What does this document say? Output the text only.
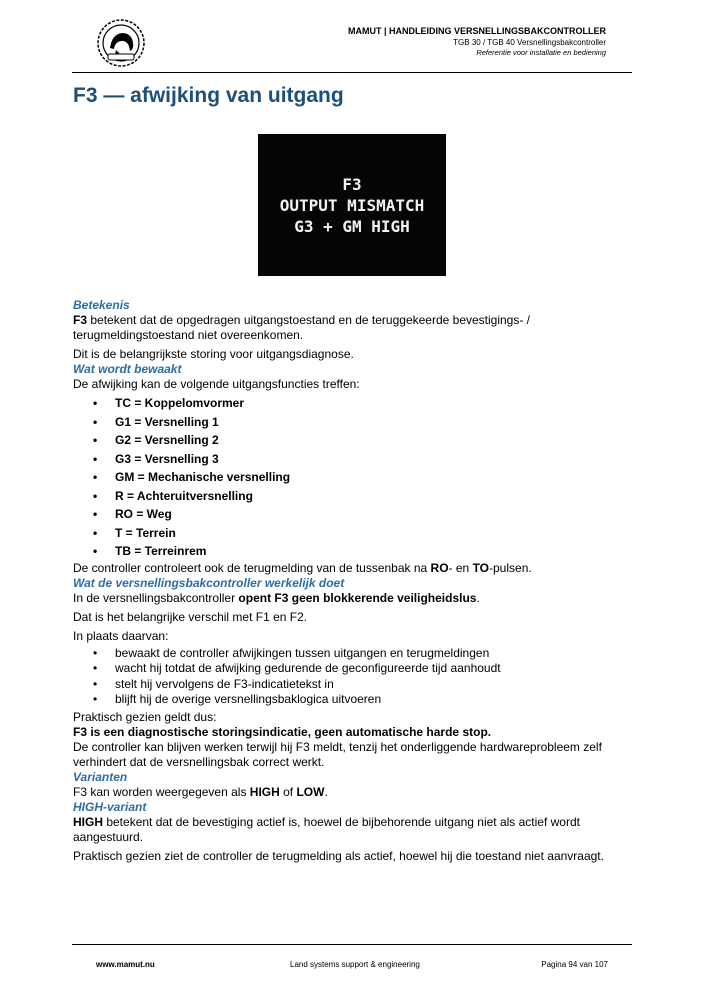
MAMUT | HANDLEIDING VERSNELLINGSBAKCONTROLLER
TGB 30 / TGB 40 Versnellingsbakcontroller
Referentie voor installatie en bediening
F3 — afwijking van uitgang
F3
OUTPUT MISMATCH
G3 + GM HIGH
Betekenis

F3 betekent dat de opgedragen uitgangstoestand en de teruggekeerde bevestigings- / terugmeldingstoestand niet overeenkomen.

Dit is de belangrijkste storing voor uitgangsdiagnose.

Wat wordt bewaakt

De afwijking kan de volgende uitgangsfuncties treffen:

• TC = Koppelomvormer
• G1 = Versnelling 1
• G2 = Versnelling 2
• G3 = Versnelling 3
• GM = Mechanische versnelling
• R = Achteruitversnelling
• RO = Weg
• T = Terrein
• TB = Terreinrem

De controller controleert ook de terugmelding van de tussenbak na RO- en TO-pulsen.

Wat de versnellingsbakcontroller werkelijk doet

In de versnellingsbakcontroller opent F3 geen blokkerende veiligheidslus.

Dat is het belangrijke verschil met F1 en F2.

In plaats daarvan:

• bewaakt de controller afwijkingen tussen uitgangen en terugmeldingen
• wacht hij totdat de afwijking gedurende de geconfigureerde tijd aanhoudt
• stelt hij vervolgens de F3-indicatietekst in
• blijft hij de overige versnellingsbaklogica uitvoeren

Praktisch gezien geldt dus:

F3 is een diagnostische storingsindicatie, geen automatische harde stop.

De controller kan blijven werken terwijl hij F3 meldt, tenzij het onderliggende hardwareprobleem zelf verhindert dat de versnellingsbak correct werkt.

Varianten

F3 kan worden weergegeven als HIGH of LOW.

HIGH-variant

HIGH betekent dat de bevestiging actief is, hoewel de bijbehorende uitgang niet als actief wordt aangestuurd.

Praktisch gezien ziet de controller de terugmelding als actief, hoewel hij die toestand niet aanvraagt.

www.mamut.nu	Land systems support & engineering	Pagina 94 van 107
